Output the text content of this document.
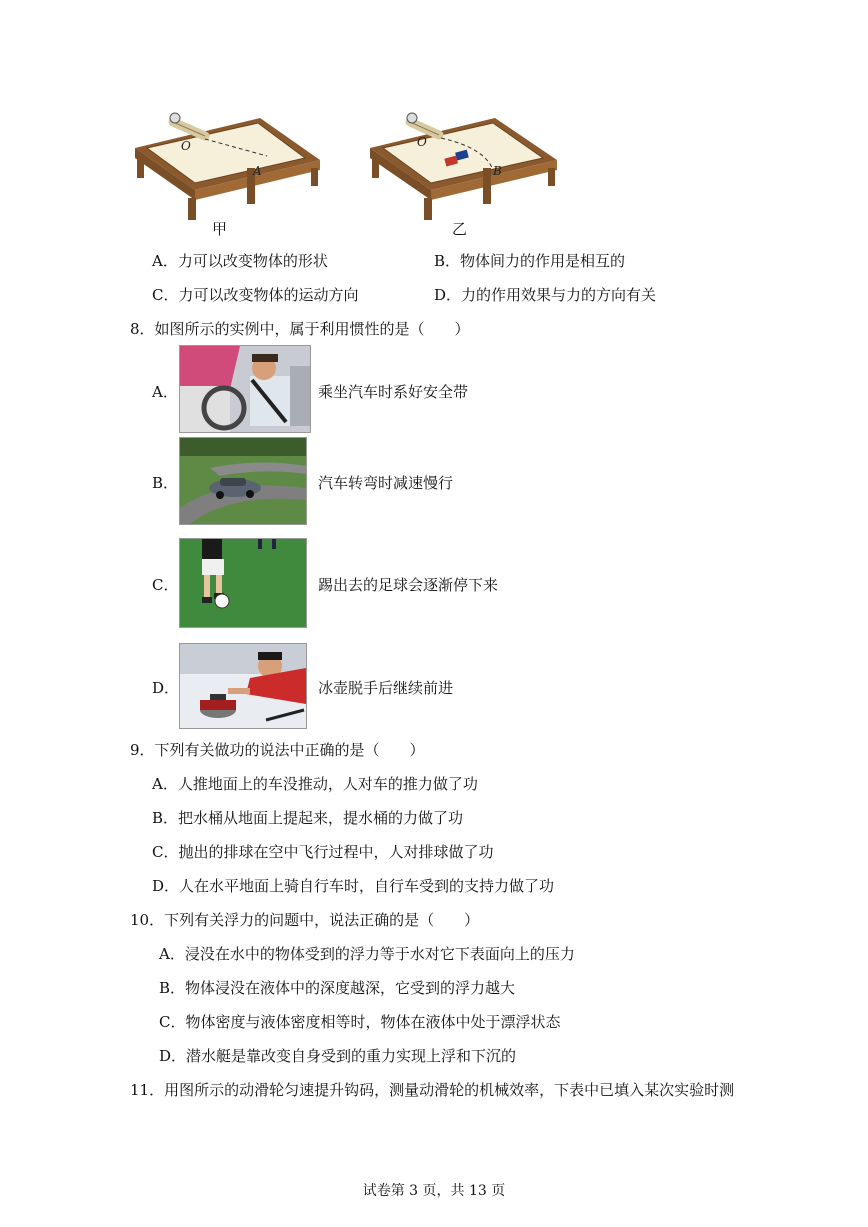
O
A
甲
O
B
乙
A．力可以改变物体的形状	B．物体间力的作用是相互的
C．力可以改变物体的运动方向	D．力的作用效果与力的方向有关
8．如图所示的实例中，属于利用惯性的是（　　）
A．	乘坐汽车时系好安全带
B．	汽车转弯时减速慢行
C．	踢出去的足球会逐渐停下来
D．	冰壶脱手后继续前进
9．下列有关做功的说法中正确的是（　　）
A．人推地面上的车没推动，人对车的推力做了功
B．把水桶从地面上提起来，提水桶的力做了功
C．抛出的排球在空中飞行过程中，人对排球做了功
D．人在水平地面上骑自行车时，自行车受到的支持力做了功
10．下列有关浮力的问题中，说法正确的是（　　）
A．浸没在水中的物体受到的浮力等于水对它下表面向上的压力
B．物体浸没在液体中的深度越深，它受到的浮力越大
C．物体密度与液体密度相等时，物体在液体中处于漂浮状态
D．潜水艇是靠改变自身受到的重力实现上浮和下沉的
11．用图所示的动滑轮匀速提升钩码，测量动滑轮的机械效率，下表中已填入某次实验时测
试卷第 3 页，共 13 页
